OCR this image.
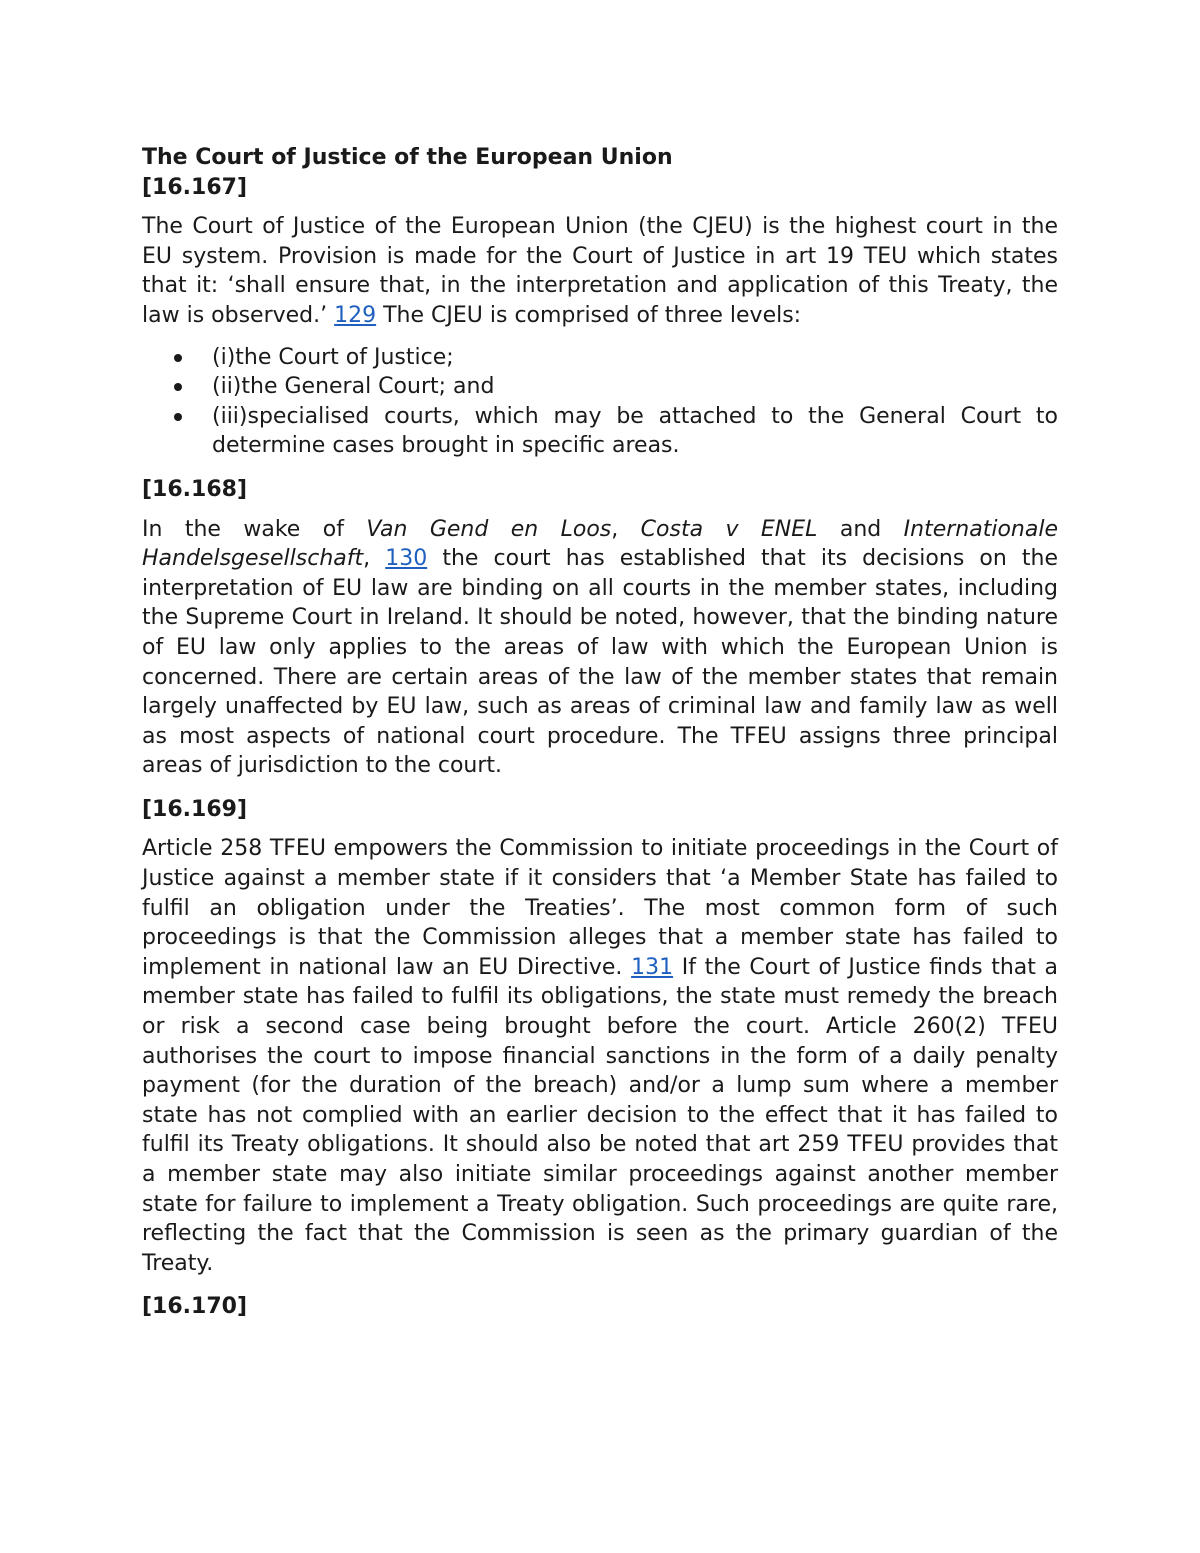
The Court of Justice of the European Union
[16.167]

The Court of Justice of the European Union (the CJEU) is the highest court in the EU system. Provision is made for the Court of Justice in art 19 TEU which states that it: ‘shall ensure that, in the interpretation and application of this Treaty, the law is observed.’ 129 The CJEU is comprised of three levels:

(i)the Court of Justice;
(ii)the General Court; and
(iii)specialised courts, which may be attached to the General Court to determine cases brought in specific areas.
[16.168]

In the wake of Van Gend en Loos, Costa v ENEL and Internationale Handelsgesellschaft, 130 the court has established that its decisions on the interpretation of EU law are binding on all courts in the member states, including the Supreme Court in Ireland. It should be noted, however, that the binding nature of EU law only applies to the areas of law with which the European Union is concerned. There are certain areas of the law of the member states that remain largely unaffected by EU law, such as areas of criminal law and family law as well as most aspects of national court procedure. The TFEU assigns three principal areas of jurisdiction to the court.

[16.169]

Article 258 TFEU empowers the Commission to initiate proceedings in the Court of Justice against a member state if it considers that ‘a Member State has failed to fulfil an obligation under the Treaties’. The most common form of such proceedings is that the Commission alleges that a member state has failed to implement in national law an EU Directive. 131 If the Court of Justice finds that a member state has failed to fulfil its obligations, the state must remedy the breach or risk a second case being brought before the court. Article 260(2) TFEU authorises the court to impose financial sanctions in the form of a daily penalty payment (for the duration of the breach) and/or a lump sum where a member state has not complied with an earlier decision to the effect that it has failed to fulfil its Treaty obligations. It should also be noted that art 259 TFEU provides that a member state may also initiate similar proceedings against another member state for failure to implement a Treaty obligation. Such proceedings are quite rare, reflecting the fact that the Commission is seen as the primary guardian of the Treaty.

[16.170]
